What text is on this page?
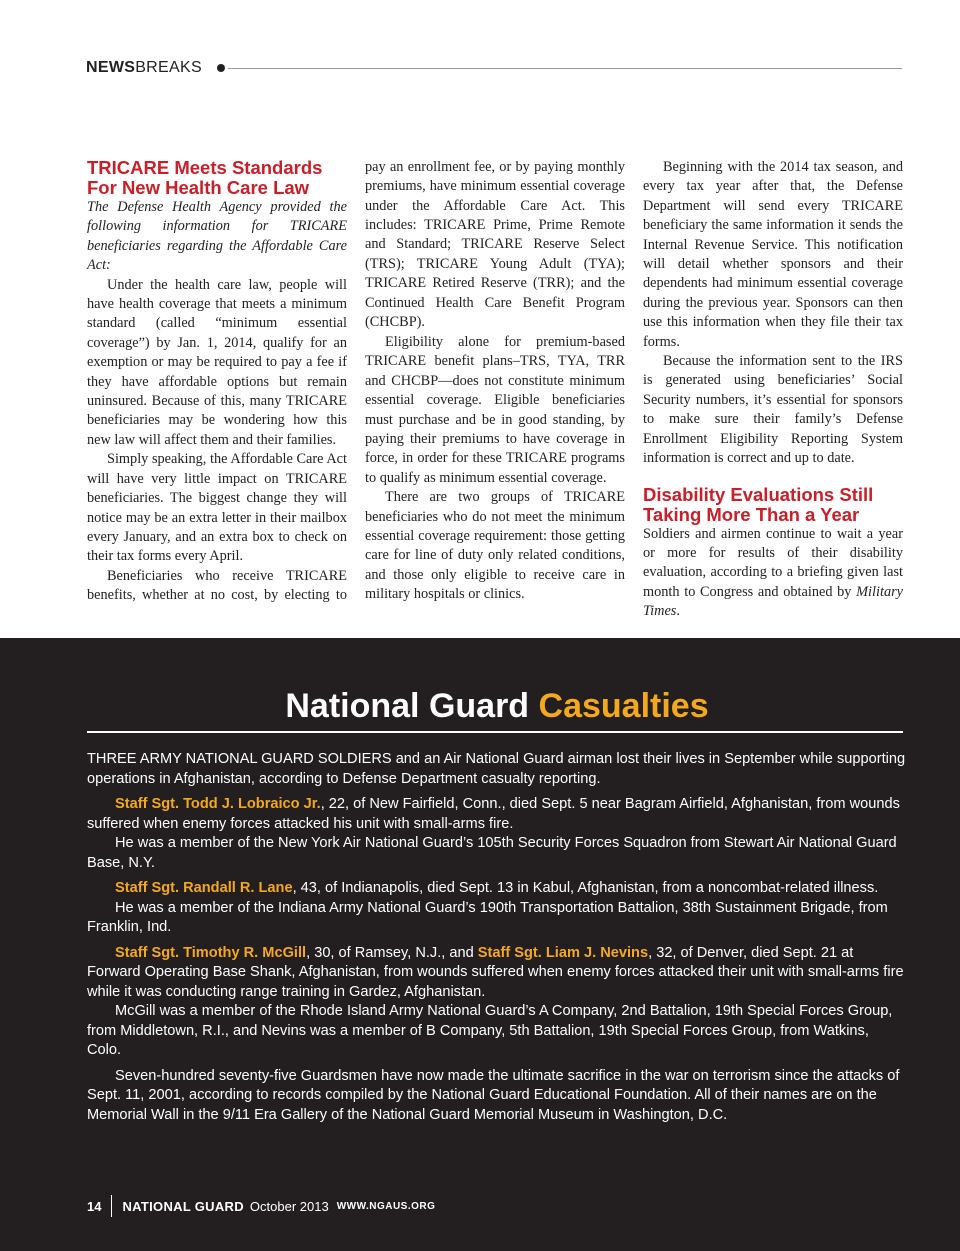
NEWSBREAKS
TRICARE Meets Standards For New Health Care Law

The Defense Health Agency provided the following information for TRICARE beneficiaries regarding the Affordable Care Act:

Under the health care law, people will have health coverage that meets a minimum standard (called “minimum essential coverage”) by Jan. 1, 2014, qualify for an exemption or may be required to pay a fee if they have affordable options but remain uninsured. Because of this, many TRICARE beneficiaries may be wondering how this new law will affect them and their families.

Simply speaking, the Affordable Care Act will have very little impact on TRICARE beneficiaries. The biggest change they will notice may be an extra letter in their mailbox every January, and an extra box to check on their tax forms every April.

Beneficiaries who receive TRICARE benefits, whether at no cost, by electing to

pay an enrollment fee, or by paying monthly premiums, have minimum essential coverage under the Affordable Care Act. This includes: TRICARE Prime, Prime Remote and Standard; TRICARE Reserve Select (TRS); TRICARE Young Adult (TYA); TRICARE Retired Reserve (TRR); and the Continued Health Care Benefit Program (CHCBP).

Eligibility alone for premium-based TRICARE benefit plans–TRS, TYA, TRR and CHCBP—does not constitute minimum essential coverage. Eligible beneficiaries must purchase and be in good standing, by paying their premiums to have coverage in force, in order for these TRICARE programs to qualify as minimum essential coverage.

There are two groups of TRICARE beneficiaries who do not meet the minimum essential coverage requirement: those getting care for line of duty only related conditions, and those only eligible to receive care in military hospitals or clinics.

Beginning with the 2014 tax season, and every tax year after that, the Defense Department will send every TRICARE beneficiary the same information it sends the Internal Revenue Service. This notification will detail whether sponsors and their dependents had minimum essential coverage during the previous year. Sponsors can then use this information when they file their tax forms.

Because the information sent to the IRS is generated using beneficiaries’ Social Security numbers, it’s essential for sponsors to make sure their family’s Defense Enrollment Eligibility Reporting System information is correct and up to date.

Disability Evaluations Still Taking More Than a Year

Soldiers and airmen continue to wait a year or more for results of their disability evaluation, according to a briefing given last month to Congress and obtained by Military Times.

National Guard Casualties

THREE ARMY NATIONAL GUARD SOLDIERS and an Air National Guard airman lost their lives in September while supporting operations in Afghanistan, according to Defense Department casualty reporting.

Staff Sgt. Todd J. Lobraico Jr., 22, of New Fairfield, Conn., died Sept. 5 near Bagram Airfield, Afghanistan, from wounds suffered when enemy forces attacked his unit with small-arms fire.

He was a member of the New York Air National Guard’s 105th Security Forces Squadron from Stewart Air National Guard Base, N.Y.

Staff Sgt. Randall R. Lane, 43, of Indianapolis, died Sept. 13 in Kabul, Afghanistan, from a noncombat-related illness.

He was a member of the Indiana Army National Guard’s 190th Transportation Battalion, 38th Sustainment Brigade, from Franklin, Ind.

Staff Sgt. Timothy R. McGill, 30, of Ramsey, N.J., and Staff Sgt. Liam J. Nevins, 32, of Denver, died Sept. 21 at Forward Operating Base Shank, Afghanistan, from wounds suffered when enemy forces attacked their unit with small-arms fire while it was conducting range training in Gardez, Afghanistan.

McGill was a member of the Rhode Island Army National Guard’s A Company, 2nd Battalion, 19th Special Forces Group, from Middletown, R.I., and Nevins was a member of B Company, 5th Battalion, 19th Special Forces Group, from Watkins, Colo.

Seven-hundred seventy-five Guardsmen have now made the ultimate sacrifice in the war on terrorism since the attacks of Sept. 11, 2001, according to records compiled by the National Guard Educational Foundation. All of their names are on the Memorial Wall in the 9/11 Era Gallery of the National Guard Memorial Museum in Washington, D.C.

14 NATIONAL GUARD October 2013 WWW.NGAUS.ORG
